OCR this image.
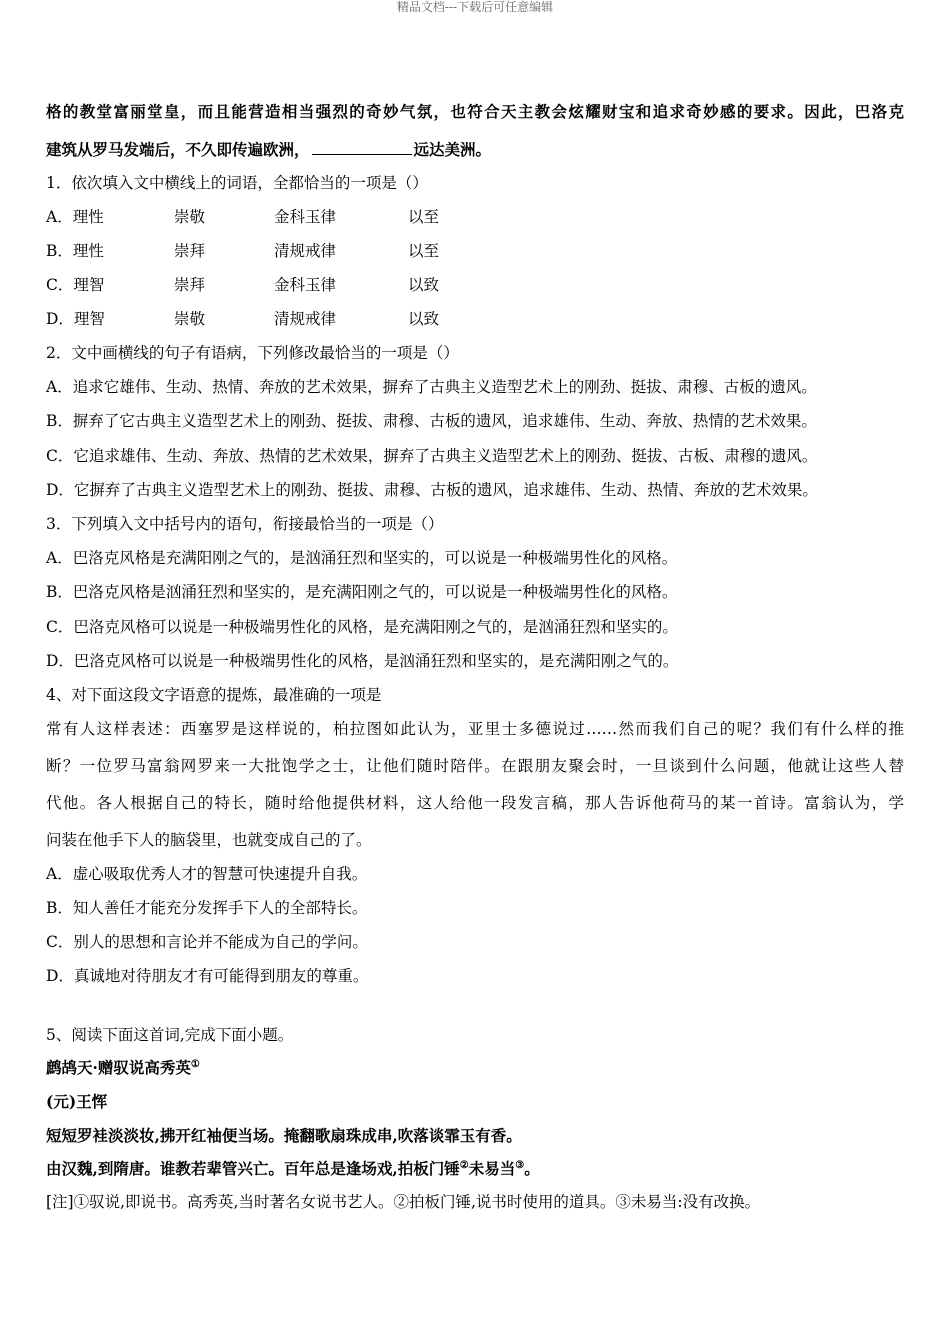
精品文档---下载后可任意编辑
格的教堂富丽堂皇，而且能营造相当强烈的奇妙气氛，也符合天主教会炫耀财宝和追求奇妙感的要求。因此，巴洛克
建筑从罗马发端后，不久即传遍欧洲，	远达美洲。
1．依次填入文中横线上的词语，全都恰当的一项是（）
A．理性	崇敬	金科玉律	以至
B．理性	崇拜	清规戒律	以至
C．理智	崇拜	金科玉律	以致
D．理智	崇敬	清规戒律	以致
2．文中画横线的句子有语病，下列修改最恰当的一项是（）
A．追求它雄伟、生动、热情、奔放的艺术效果，摒弃了古典主义造型艺术上的刚劲、挺拔、肃穆、古板的遗风。
B．摒弃了它古典主义造型艺术上的刚劲、挺拔、肃穆、古板的遗风，追求雄伟、生动、奔放、热情的艺术效果。
C．它追求雄伟、生动、奔放、热情的艺术效果，摒弃了古典主义造型艺术上的刚劲、挺拔、古板、肃穆的遗风。
D．它摒弃了古典主义造型艺术上的刚劲、挺拔、肃穆、古板的遗风，追求雄伟、生动、热情、奔放的艺术效果。
3．下列填入文中括号内的语句，衔接最恰当的一项是（）
A．巴洛克风格是充满阳刚之气的，是汹涌狂烈和坚实的，可以说是一种极端男性化的风格。
B．巴洛克风格是汹涌狂烈和坚实的，是充满阳刚之气的，可以说是一种极端男性化的风格。
C．巴洛克风格可以说是一种极端男性化的风格，是充满阳刚之气的，是汹涌狂烈和坚实的。
D．巴洛克风格可以说是一种极端男性化的风格，是汹涌狂烈和坚实的，是充满阳刚之气的。
4、对下面这段文字语意的提炼，最准确的一项是
常有人这样表述：西塞罗是这样说的，柏拉图如此认为，亚里士多德说过……然而我们自己的呢？我们有什么样的推
断？一位罗马富翁网罗来一大批饱学之士，让他们随时陪伴。在跟朋友聚会时，一旦谈到什么问题，他就让这些人替
代他。各人根据自己的特长，随时给他提供材料，这人给他一段发言稿，那人告诉他荷马的某一首诗。富翁认为，学
问装在他手下人的脑袋里，也就变成自己的了。
A．虚心吸取优秀人才的智慧可快速提升自我。
B．知人善任才能充分发挥手下人的全部特长。
C．别人的思想和言论并不能成为自己的学问。
D．真诚地对待朋友才有可能得到朋友的尊重。
5、阅读下面这首词,完成下面小题。
鹧鸪天·赠驭说高秀英①
(元)王恽
短短罗袿淡淡妆,拂开红袖便当场。掩翻歌扇珠成串,吹落谈霏玉有香。
由汉魏,到隋唐。谁教若辈管兴亡。百年总是逢场戏,拍板门锤②未易当③。
[注]①驭说,即说书。高秀英,当时著名女说书艺人。②拍板门锤,说书时使用的道具。③未易当:没有改换。
